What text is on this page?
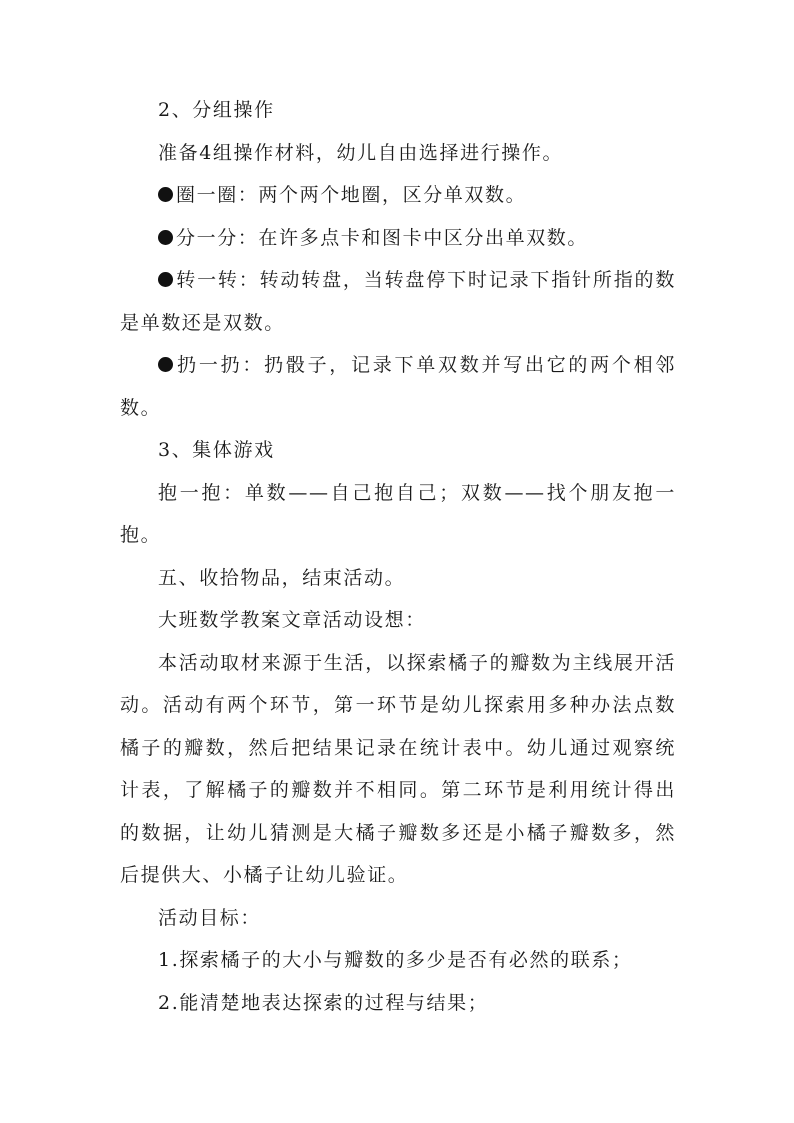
2、分组操作

准备4组操作材料，幼儿自由选择进行操作。

圈一圈：两个两个地圈，区分单双数。

分一分：在许多点卡和图卡中区分出单双数。

转一转：转动转盘，当转盘停下时记录下指针所指的数是单数还是双数。

扔一扔：扔骰子，记录下单双数并写出它的两个相邻数。

3、集体游戏

抱一抱：单数——自己抱自己；双数——找个朋友抱一抱。

五、收拾物品，结束活动。

大班数学教案文章活动设想：

本活动取材来源于生活，以探索橘子的瓣数为主线展开活动。活动有两个环节，第一环节是幼儿探索用多种办法点数橘子的瓣数，然后把结果记录在统计表中。幼儿通过观察统计表，了解橘子的瓣数并不相同。第二环节是利用统计得出的数据，让幼儿猜测是大橘子瓣数多还是小橘子瓣数多，然后提供大、小橘子让幼儿验证。

活动目标：

1.探索橘子的大小与瓣数的多少是否有必然的联系；

2.能清楚地表达探索的过程与结果；
